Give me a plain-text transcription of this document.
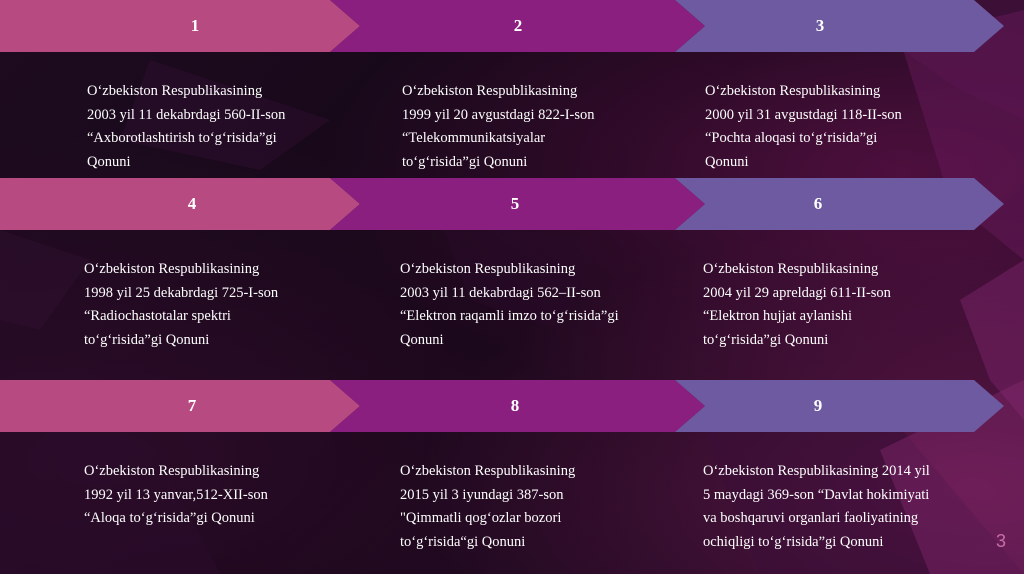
1	2	3
O‘zbekiston Respublikasining
2003 yil 11 dekabrdagi 560-II-son
“Axborotlashtirish to‘g‘risida”gi
Qonuni
O‘zbekiston Respublikasining
1999 yil 20 avgustdagi 822-I-son
“Telekommunikatsiyalar
to‘g‘risida”gi Qonuni
O‘zbekiston Respublikasining
2000 yil 31 avgustdagi 118-II-son
“Pochta aloqasi to‘g‘risida”gi
Qonuni
4	5	6
O‘zbekiston Respublikasining
1998 yil 25 dekabrdagi 725-I-son
“Radiochastotalar spektri
to‘g‘risida”gi Qonuni
O‘zbekiston Respublikasining
2003 yil 11 dekabrdagi 562–II-son
“Elektron raqamli imzo to‘g‘risida”gi
Qonuni
O‘zbekiston Respublikasining
2004 yil 29 apreldagi 611-II-son
“Elektron hujjat aylanishi
to‘g‘risida”gi Qonuni
7	8	9
O‘zbekiston Respublikasining
1992 yil 13 yanvar,512-XII-son
“Aloqa to‘g‘risida”gi Qonuni
O‘zbekiston Respublikasining
2015 yil 3 iyundagi 387-son
"Qimmatli qog‘ozlar bozori
to‘g‘risida“gi Qonuni
O‘zbekiston Respublikasining 2014 yil
5 maydagi 369-son “Davlat hokimiyati
va boshqaruvi organlari faoliyatining
ochiqligi to‘g‘risida”gi Qonuni	3
